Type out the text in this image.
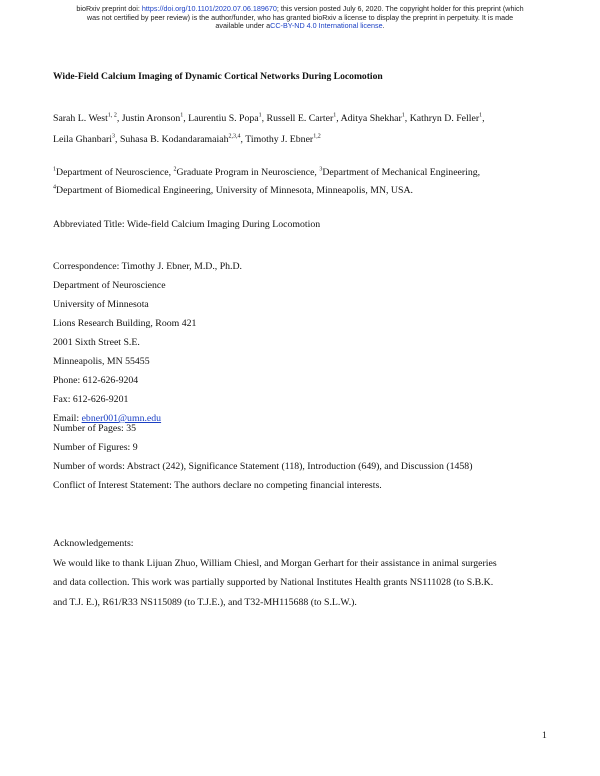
bioRxiv preprint doi: https://doi.org/10.1101/2020.07.06.189670; this version posted July 6, 2020. The copyright holder for this preprint (which
was not certified by peer review) is the author/funder, who has granted bioRxiv a license to display the preprint in perpetuity. It is made
available under aCC-BY-ND 4.0 International license.
Wide-Field Calcium Imaging of Dynamic Cortical Networks During Locomotion
Sarah L. West$^{1, 2}$, Justin Aronson$^1$, Laurentiu S. Popa$^1$, Russell E. Carter$^1$, Aditya Shekhar$^1$, Kathryn D. Feller$^1$,
Leila Ghanbari$^3$, Suhasa B. Kodandaramaiah$^{2,3,4}$, Timothy J. Ebner$^{1,2}$
$^1$Department of Neuroscience, $^2$Graduate Program in Neuroscience, $^3$Department of Mechanical Engineering,
$^4$Department of Biomedical Engineering, University of Minnesota, Minneapolis, MN, USA.
Abbreviated Title: Wide-field Calcium Imaging During Locomotion
Correspondence: Timothy J. Ebner, M.D., Ph.D.
Department of Neuroscience
University of Minnesota
Lions Research Building, Room 421
2001 Sixth Street S.E.
Minneapolis, MN 55455
Phone: 612-626-9204
Fax: 612-626-9201
Email: ebner001@umn.edu
Number of Pages: 35
Number of Figures: 9
Number of words: Abstract (242), Significance Statement (118), Introduction (649), and Discussion (1458)
Conflict of Interest Statement: The authors declare no competing financial interests.
Acknowledgements:
We would like to thank Lijuan Zhuo, William Chiesl, and Morgan Gerhart for their assistance in animal surgeries
and data collection. This work was partially supported by National Institutes Health grants NS111028 (to S.B.K.
and T.J. E.), R61/R33 NS115089 (to T.J.E.), and T32-MH115688 (to S.L.W.).
1
